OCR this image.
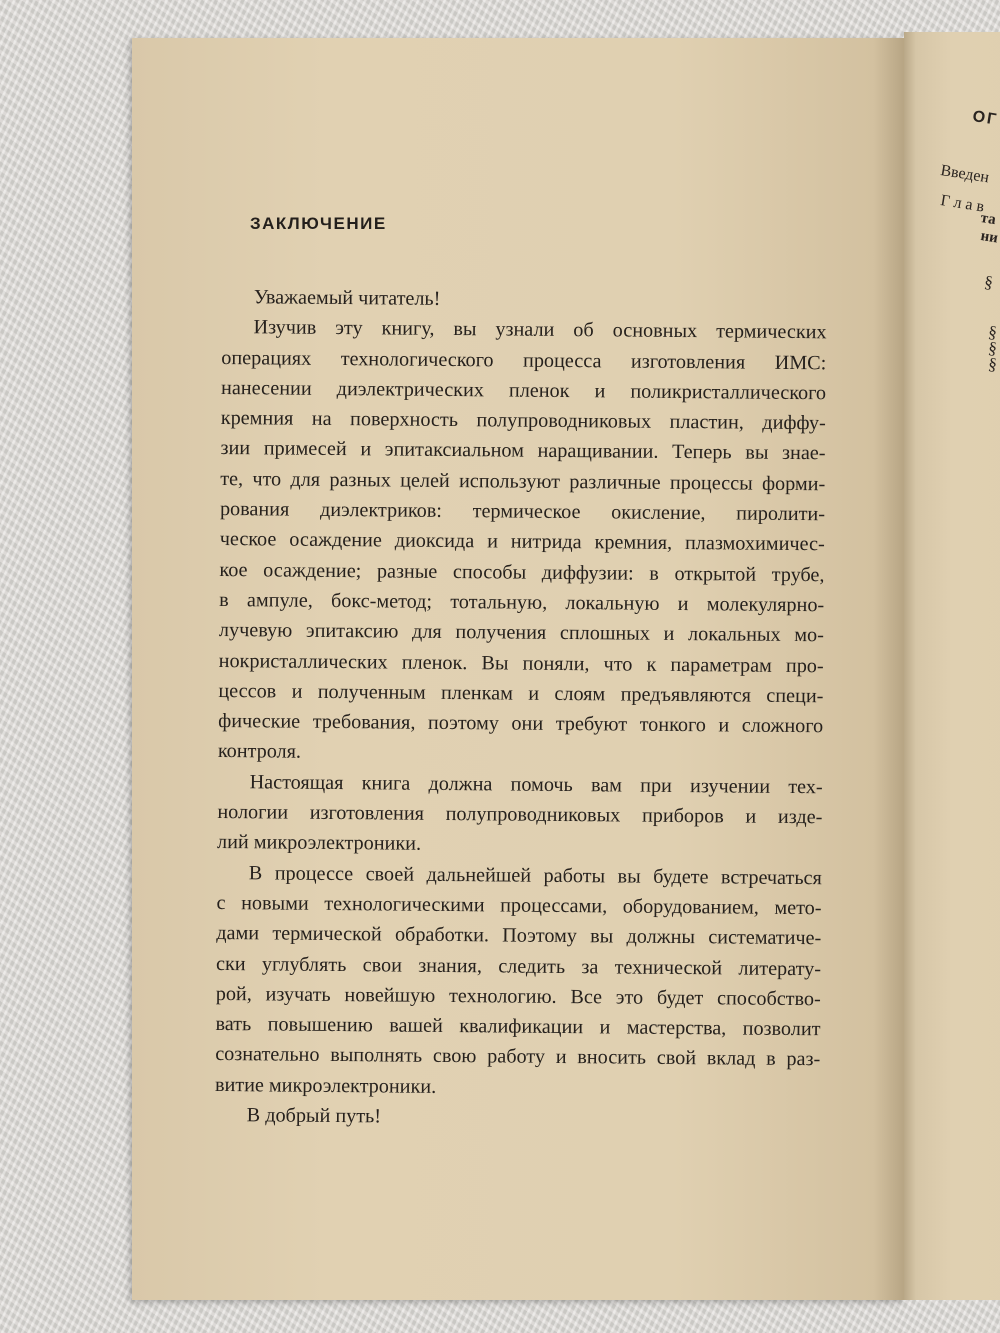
ОГ
Введен
Г л а в
та
ни
§
§
§
§
ЗАКЛЮЧЕНИЕ
Уважаемый читатель!
Изучив эту книгу, вы узнали об основных термических
операциях технологического процесса изготовления ИМС:
нанесении диэлектрических пленок и поликристаллического
кремния на поверхность полупроводниковых пластин, диффу-
зии примесей и эпитаксиальном наращивании. Теперь вы знае-
те, что для разных целей используют различные процессы форми-
рования диэлектриков: термическое окисление, пиролити-
ческое осаждение диоксида и нитрида кремния, плазмохимичес-
кое осаждение; разные способы диффузии: в открытой трубе,
в ампуле, бокс-метод; тотальную, локальную и молекулярно-
лучевую эпитаксию для получения сплошных и локальных мо-
нокристаллических пленок. Вы поняли, что к параметрам про-
цессов и полученным пленкам и слоям предъявляются специ-
фические требования, поэтому они требуют тонкого и сложного
контроля.
Настоящая книга должна помочь вам при изучении тех-
нологии изготовления полупроводниковых приборов и изде-
лий микроэлектроники.
В процессе своей дальнейшей работы вы будете встречаться
с новыми технологическими процессами, оборудованием, мето-
дами термической обработки. Поэтому вы должны систематиче-
ски углублять свои знания, следить за технической литерату-
рой, изучать новейшую технологию. Все это будет способство-
вать повышению вашей квалификации и мастерства, позволит
сознательно выполнять свою работу и вносить свой вклад в раз-
витие микроэлектроники.
В добрый путь!
